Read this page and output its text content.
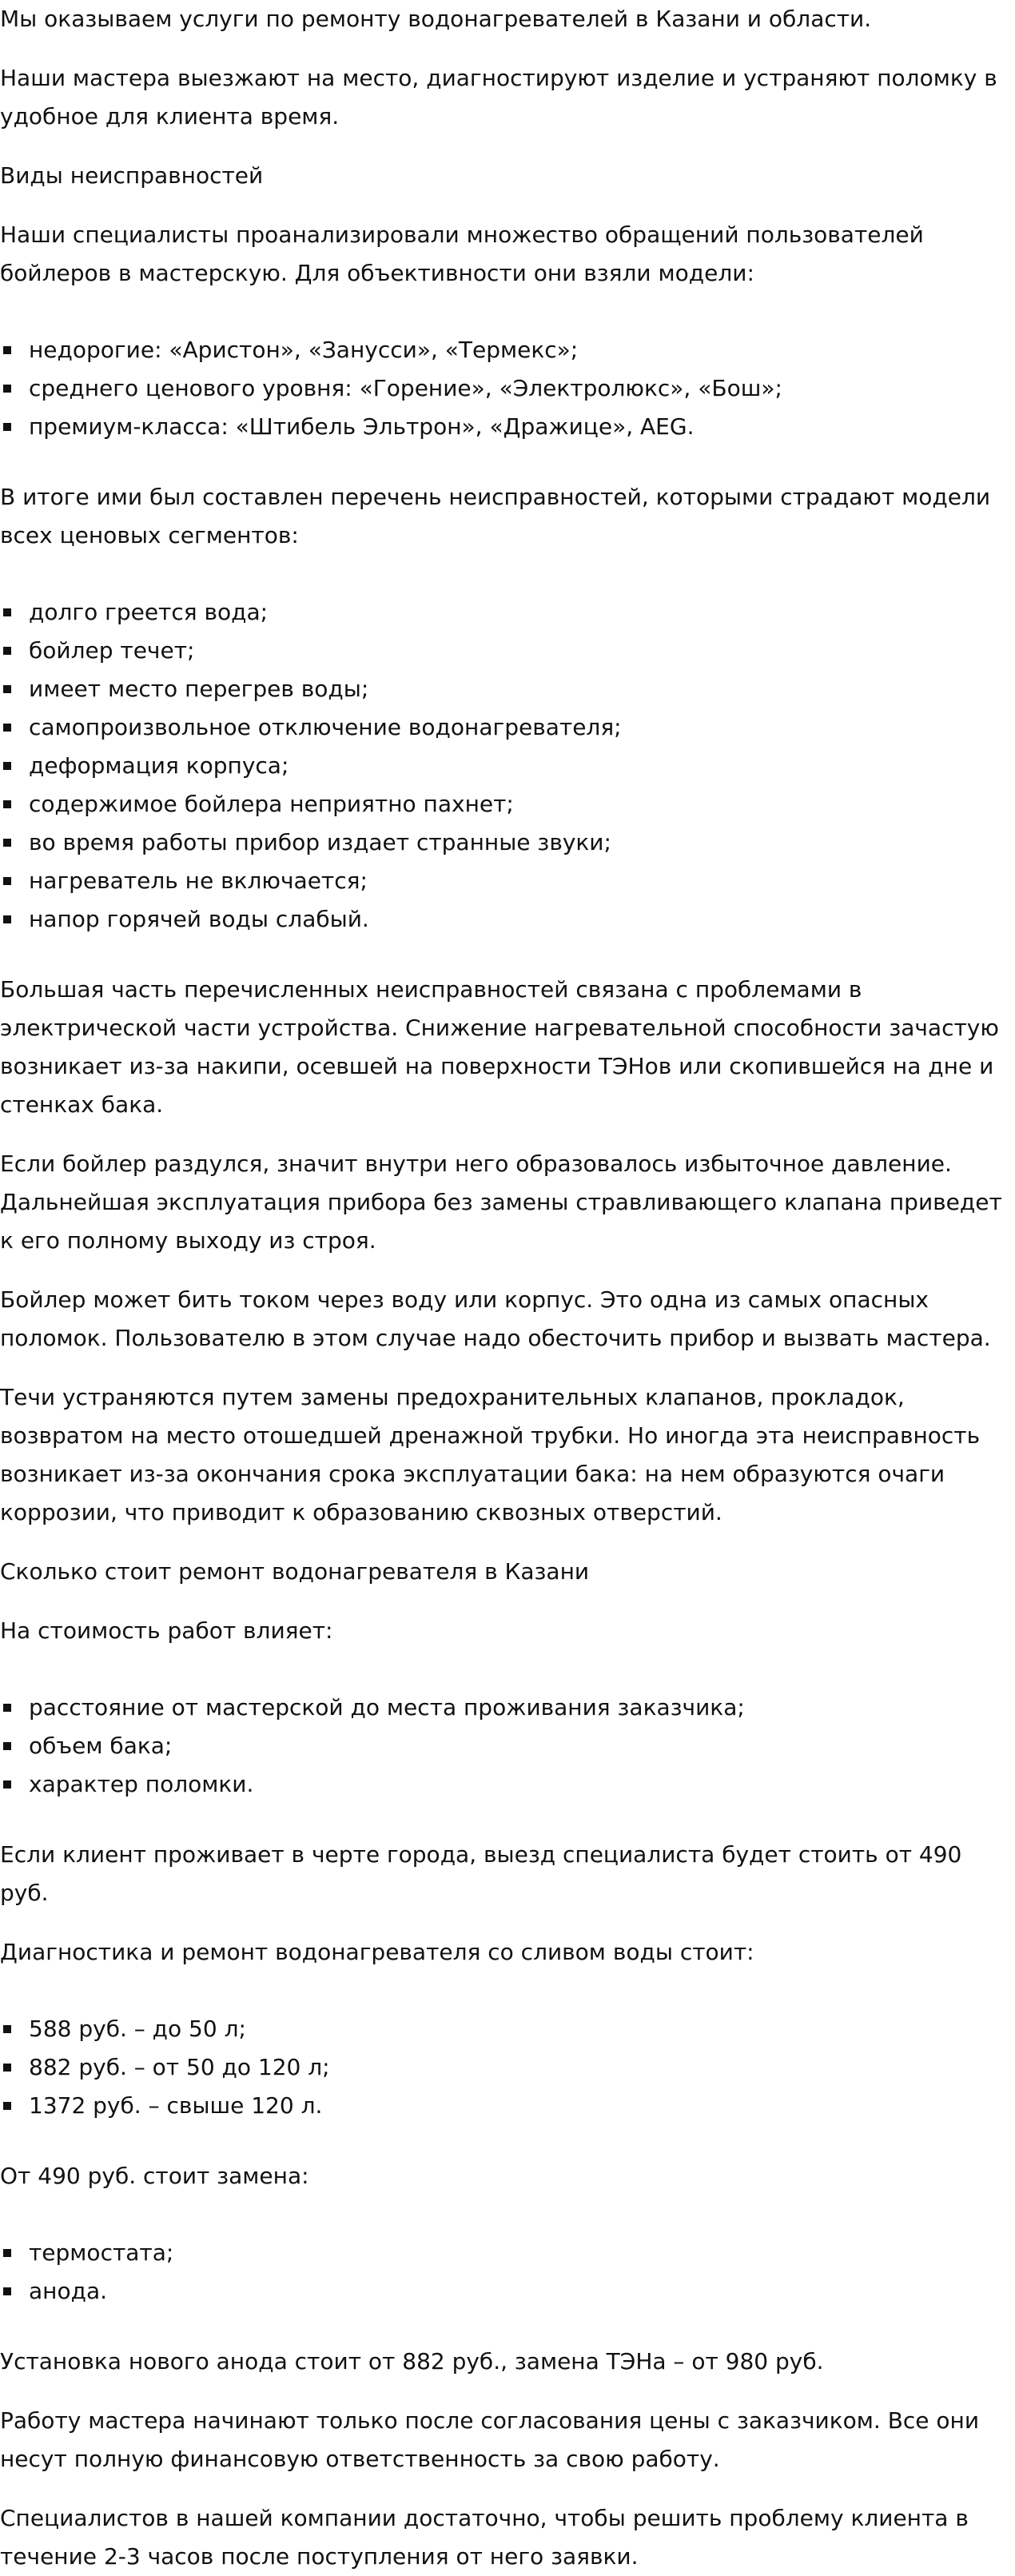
Мы оказываем услуги по ремонту водонагревателей в Казани и области.

Наши мастера выезжают на место, диагностируют изделие и устраняют поломку в удобное для клиента время.

Виды неисправностей

Наши специалисты проанализировали множество обращений пользователей бойлеров в мастерскую. Для объективности они взяли модели:

недорогие: «Аристон», «Занусси», «Термекс»;
среднего ценового уровня: «Горение», «Электролюкс», «Бош»;
премиум-класса: «Штибель Эльтрон», «Дражице», AEG.

В итоге ими был составлен перечень неисправностей, которыми страдают модели всех ценовых сегментов:

долго греется вода;
бойлер течет;
имеет место перегрев воды;
самопроизвольное отключение водонагревателя;
деформация корпуса;
содержимое бойлера неприятно пахнет;
во время работы прибор издает странные звуки;
нагреватель не включается;
напор горячей воды слабый.

Большая часть перечисленных неисправностей связана с проблемами в электрической части устройства. Снижение нагревательной способности зачастую возникает из-за накипи, осевшей на поверхности ТЭНов или скопившейся на дне и стенках бака.

Если бойлер раздулся, значит внутри него образовалось избыточное давление. Дальнейшая эксплуатация прибора без замены стравливающего клапана приведет к его полному выходу из строя.

Бойлер может бить током через воду или корпус. Это одна из самых опасных поломок. Пользователю в этом случае надо обесточить прибор и вызвать мастера.

Течи устраняются путем замены предохранительных клапанов, прокладок, возвратом на место отошедшей дренажной трубки. Но иногда эта неисправность возникает из-за окончания срока эксплуатации бака: на нем образуются очаги коррозии, что приводит к образованию сквозных отверстий.

Сколько стоит ремонт водонагревателя в Казани

На стоимость работ влияет:

расстояние от мастерской до места проживания заказчика;
объем бака;
характер поломки.

Если клиент проживает в черте города, выезд специалиста будет стоить от 490 руб.

Диагностика и ремонт водонагревателя со сливом воды стоит:

588 руб. – до 50 л;
882 руб. – от 50 до 120 л;
1372 руб. – свыше 120 л.

От 490 руб. стоит замена:

термостата;
анода.

Установка нового анода стоит от 882 руб., замена ТЭНа – от 980 руб.

Работу мастера начинают только после согласования цены с заказчиком. Все они несут полную финансовую ответственность за свою работу.

Специалистов в нашей компании достаточно, чтобы решить проблему клиента в течение 2-3 часов после поступления от него заявки.
